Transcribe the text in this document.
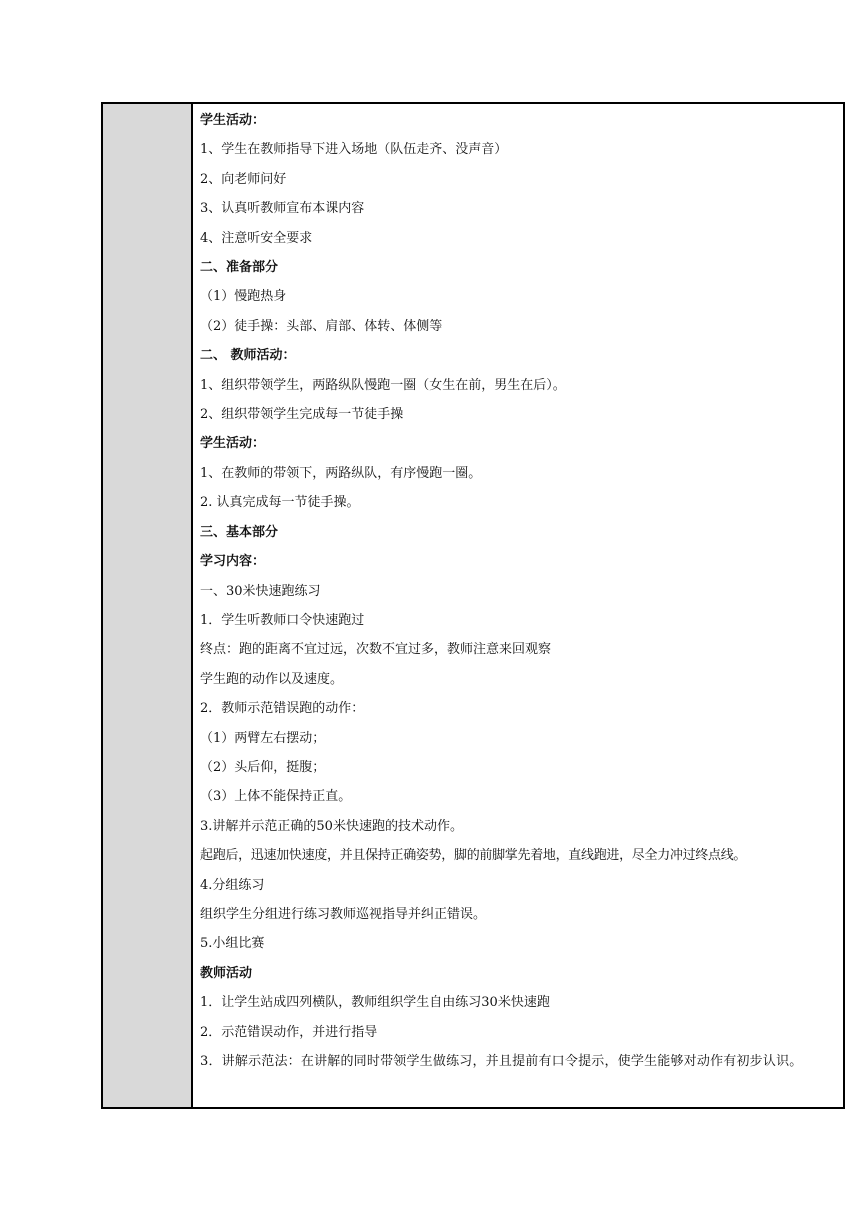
学生活动：
1、学生在教师指导下进入场地（队伍走齐、没声音）
2、向老师问好
3、认真听教师宣布本课内容
4、注意听安全要求
二、准备部分
（1）慢跑热身
（2）徒手操：头部、肩部、体转、体侧等
二、 教师活动：
1、组织带领学生，两路纵队慢跑一圈（女生在前，男生在后）。
2、组织带领学生完成每一节徒手操
学生活动：
1、在教师的带领下，两路纵队，有序慢跑一圈。
2. 认真完成每一节徒手操。
三、基本部分
学习内容：
一、30米快速跑练习
1．学生听教师口令快速跑过
终点：跑的距离不宜过远，次数不宜过多，教师注意来回观察
学生跑的动作以及速度。
2．教师示范错误跑的动作：
（1）两臂左右摆动；
（2）头后仰，挺腹；
（3）上体不能保持正直。
3.讲解并示范正确的50米快速跑的技术动作。
起跑后，迅速加快速度，并且保持正确姿势，脚的前脚掌先着地，直线跑进，尽全力冲过终点线。
4.分组练习
组织学生分组进行练习教师巡视指导并纠正错误。
5.小组比赛
教师活动
1．让学生站成四列横队，教师组织学生自由练习30米快速跑
2．示范错误动作，并进行指导
3．讲解示范法：在讲解的同时带领学生做练习，并且提前有口令提示，使学生能够对动作有初步认识。
